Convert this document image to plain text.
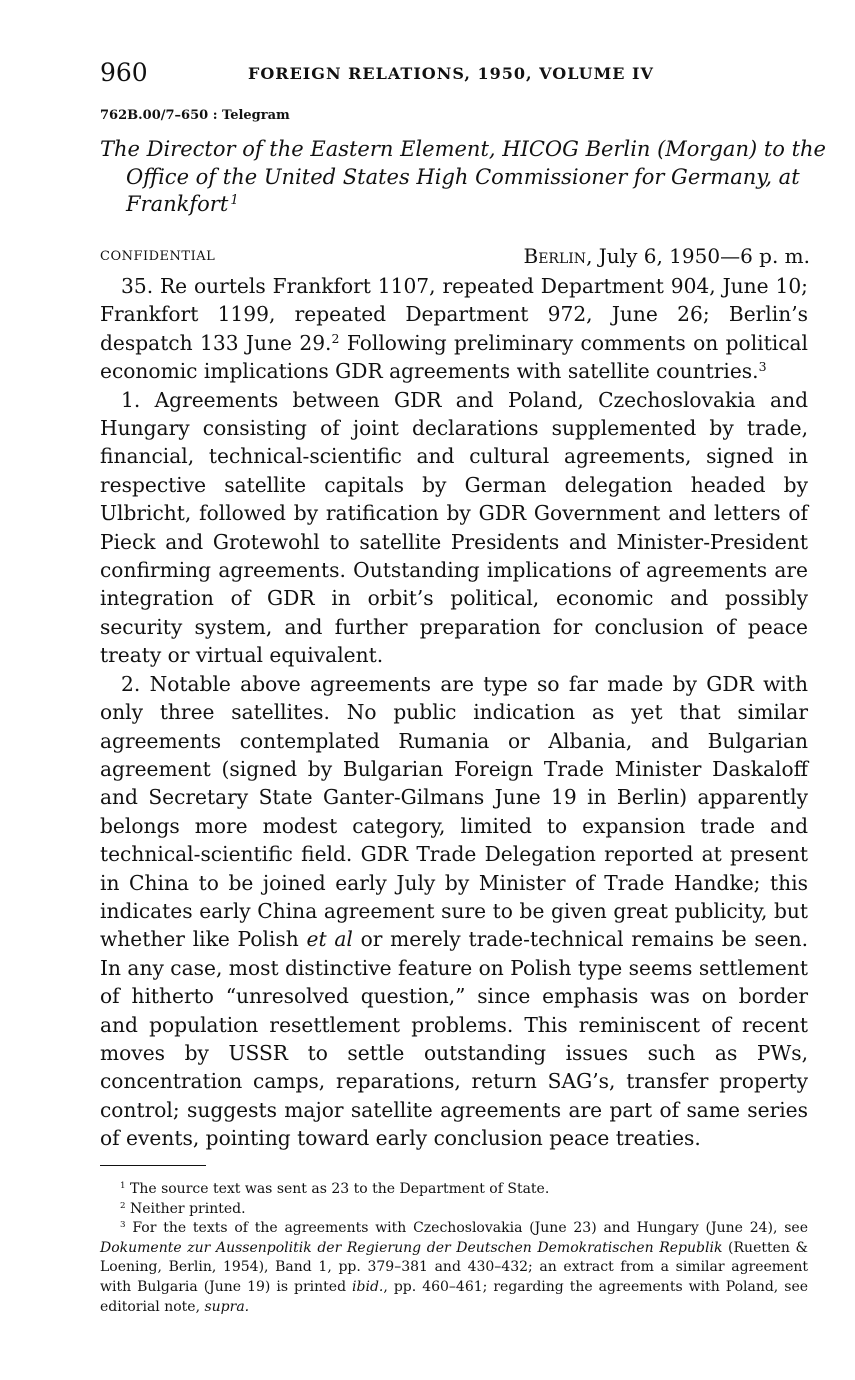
960	FOREIGN RELATIONS, 1950, VOLUME IV
762B.00/7–650 : Telegram

The Director of the Eastern Element, HICOG Berlin (Morgan) to the Office of the United States High Commissioner for Germany, at Frankfort  $^1$

CONFIDENTIAL	Berlin, July 6, 1950—6 p. m.

35. Re ourtels Frankfort 1107, repeated Department 904, June 10; Frankfort 1199, repeated Department 972, June 26; Berlin’s despatch 133 June 29.$^2$ Following preliminary comments on political economic implications GDR agreements with satellite countries.$^3$

1. Agreements between GDR and Poland, Czechoslovakia and Hungary consisting of joint declarations supplemented by trade, financial, technical-scientific and cultural agreements, signed in respective satellite capitals by German delegation headed by Ulbricht, followed by ratification by GDR Government and letters of Pieck and Grotewohl to satellite Presidents and Minister-President confirming agreements. Outstanding implications of agreements are integration of GDR in orbit’s political, economic and possibly security system, and further preparation for conclusion of peace treaty or virtual equivalent.

2. Notable above agreements are type so far made by GDR with only three satellites. No public indication as yet that similar agreements contemplated Rumania or Albania, and Bulgarian agreement (signed by Bulgarian Foreign Trade Minister Daskaloff and Secretary State Ganter-Gilmans June 19 in Berlin) apparently belongs more modest category, limited to expansion trade and technical-scientific field. GDR Trade Delegation reported at present in China to be joined early July by Minister of Trade Handke; this indicates early China agreement sure to be given great publicity, but whether like Polish et al or merely trade-technical remains be seen. In any case, most distinctive feature on Polish type seems settlement of hitherto “unresolved question,” since emphasis was on border and population resettlement problems. This reminiscent of recent moves by USSR to settle outstanding issues such as PWs, concentration camps, reparations, return SAG’s, transfer property control; suggests major satellite agreements are part of same series of events, pointing toward early conclusion peace treaties.

$^1$ The source text was sent as 23 to the Department of State.

$^2$ Neither printed.

$^3$ For the texts of the agreements with Czechoslovakia (June 23) and Hungary (June 24), see Dokumente zur Aussenpolitik der Regierung der Deutschen Demokratischen Republik (Ruetten & Loening, Berlin, 1954), Band 1, pp. 379–381 and 430–432; an extract from a similar agreement with Bulgaria (June 19) is printed ibid., pp. 460–461; regarding the agreements with Poland, see editorial note, supra.
